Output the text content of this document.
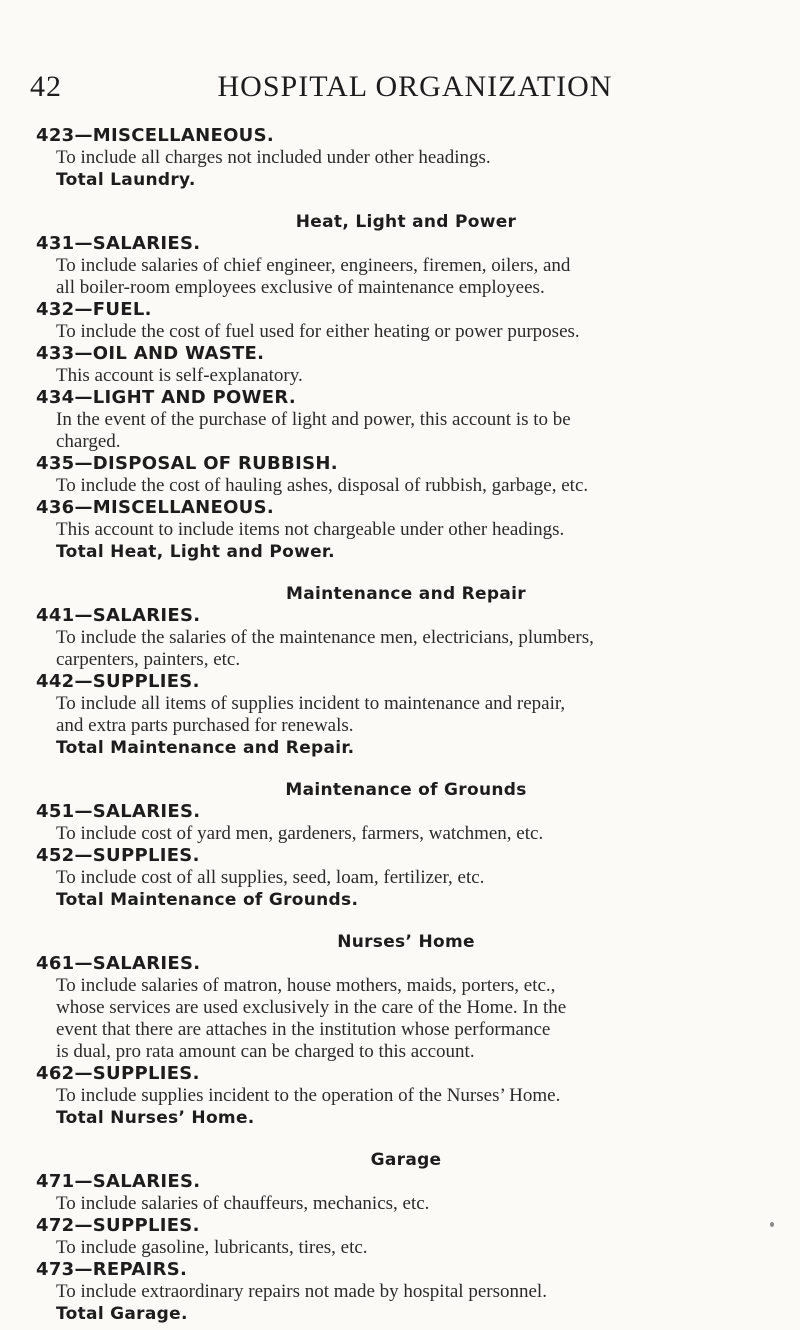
42	HOSPITAL ORGANIZATION
423—MISCELLANEOUS.
To include all charges not included under other headings.
Total Laundry.
Heat, Light and Power
431—SALARIES.
To include salaries of chief engineer, engineers, firemen, oilers, and
all boiler-room employees exclusive of maintenance employees.
432—FUEL.
To include the cost of fuel used for either heating or power purposes.
433—OIL AND WASTE.
This account is self-explanatory.
434—LIGHT AND POWER.
In the event of the purchase of light and power, this account is to be
charged.
435—DISPOSAL OF RUBBISH.
To include the cost of hauling ashes, disposal of rubbish, garbage, etc.
436—MISCELLANEOUS.
This account to include items not chargeable under other headings.
Total Heat, Light and Power.
Maintenance and Repair
441—SALARIES.
To include the salaries of the maintenance men, electricians, plumbers,
carpenters, painters, etc.
442—SUPPLIES.
To include all items of supplies incident to maintenance and repair,
and extra parts purchased for renewals.
Total Maintenance and Repair.
Maintenance of Grounds
451—SALARIES.
To include cost of yard men, gardeners, farmers, watchmen, etc.
452—SUPPLIES.
To include cost of all supplies, seed, loam, fertilizer, etc.
Total Maintenance of Grounds.
Nurses’ Home
461—SALARIES.
To include salaries of matron, house mothers, maids, porters, etc.,
whose services are used exclusively in the care of the Home. In the
event that there are attaches in the institution whose performance
is dual, pro rata amount can be charged to this account.
462—SUPPLIES.
To include supplies incident to the operation of the Nurses’ Home.
Total Nurses’ Home.
Garage
471—SALARIES.
To include salaries of chauffeurs, mechanics, etc.
472—SUPPLIES.
To include gasoline, lubricants, tires, etc.
473—REPAIRS.
To include extraordinary repairs not made by hospital personnel.
Total Garage.
